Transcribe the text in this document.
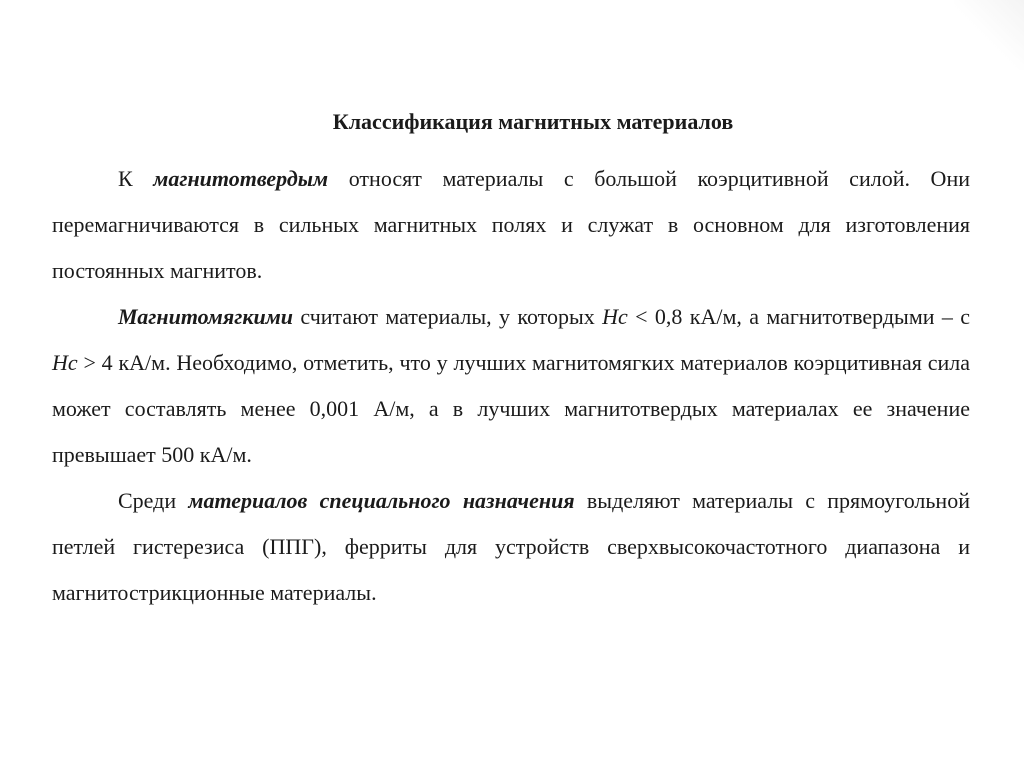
Классификация магнитных материалов

К магнитотвердым относят материалы с большой коэрцитивной силой. Они перемагничиваются в сильных магнитных полях и служат в основном для изготовления постоянных магнитов.

Магнитомягкими считают материалы, у которых Hc < 0,8 кА/м, а магнитотвердыми – с Hc > 4 кА/м. Необходимо, отметить, что у лучших магнитомягких материалов коэрцитивная сила может составлять менее 0,001 А/м, а в лучших магнитотвердых материалах ее значение превышает 500 кА/м.

Среди материалов специального назначения выделяют материалы с прямоугольной петлей гистерезиса (ППГ), ферриты для устройств сверхвысокочастотного диапазона и магнитострикционные материалы.
